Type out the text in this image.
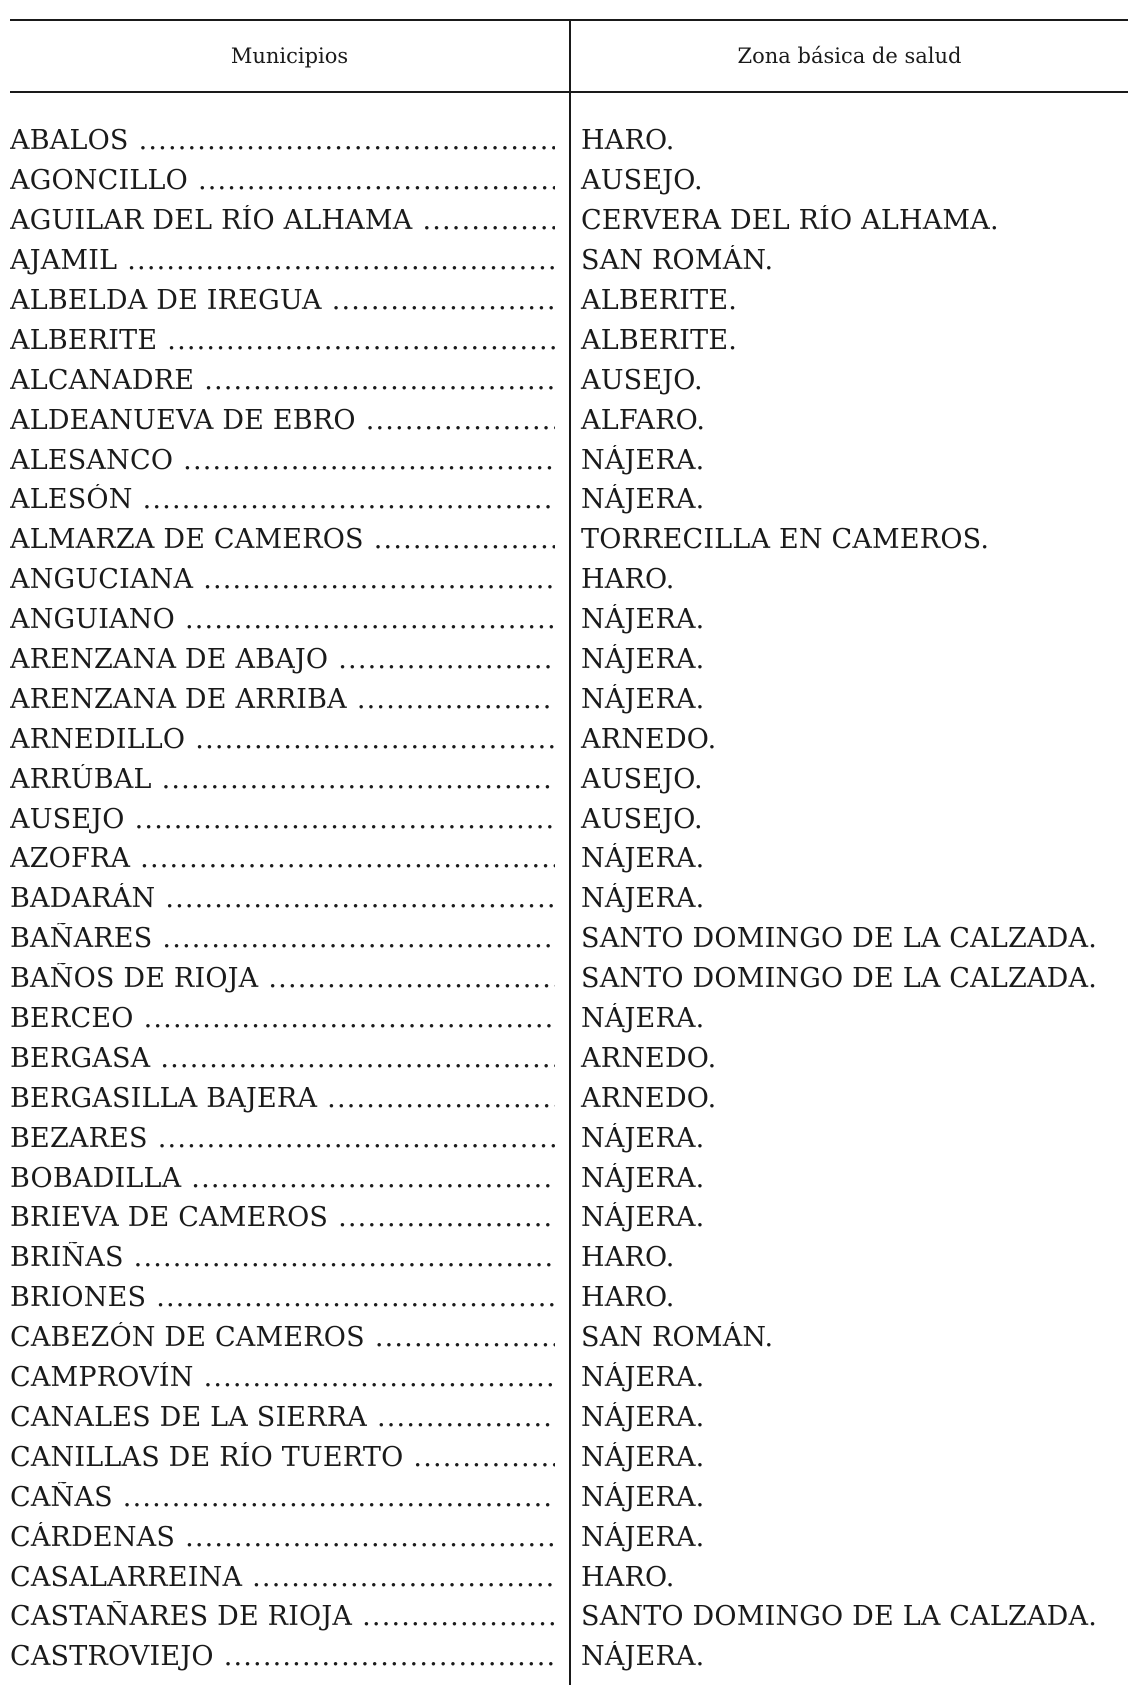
Municipios	Zona básica de salud
ABALOS .....	HARO.
AGONCILLO .....	AUSEJO.
AGUILAR DEL RÍO ALHAMA .....	CERVERA DEL RÍO ALHAMA.
AJAMIL .....	SAN ROMÁN.
ALBELDA DE IREGUA .....	ALBERITE.
ALBERITE .....	ALBERITE.
ALCANADRE .....	AUSEJO.
ALDEANUEVA DE EBRO .....	ALFARO.
ALESANCO .....	NÁJERA.
ALESÓN .....	NÁJERA.
ALMARZA DE CAMEROS .....	TORRECILLA EN CAMEROS.
ANGUCIANA .....	HARO.
ANGUIANO .....	NÁJERA.
ARENZANA DE ABAJO .....	NÁJERA.
ARENZANA DE ARRIBA .....	NÁJERA.
ARNEDILLO .....	ARNEDO.
ARRÚBAL .....	AUSEJO.
AUSEJO .....	AUSEJO.
AZOFRA .....	NÁJERA.
BADARÁN .....	NÁJERA.
BAÑARES .....	SANTO DOMINGO DE LA CALZADA.
BAÑOS DE RIOJA .....	SANTO DOMINGO DE LA CALZADA.
BERCEO .....	NÁJERA.
BERGASA .....	ARNEDO.
BERGASILLA BAJERA .....	ARNEDO.
BEZARES .....	NÁJERA.
BOBADILLA .....	NÁJERA.
BRIEVA DE CAMEROS .....	NÁJERA.
BRIÑAS .....	HARO.
BRIONES .....	HARO.
CABEZÓN DE CAMEROS .....	SAN ROMÁN.
CAMPROVÍN .....	NÁJERA.
CANALES DE LA SIERRA .....	NÁJERA.
CANILLAS DE RÍO TUERTO .....	NÁJERA.
CAÑAS .....	NÁJERA.
CÁRDENAS .....	NÁJERA.
CASALARREINA .....	HARO.
CASTAÑARES DE RIOJA .....	SANTO DOMINGO DE LA CALZADA.
CASTROVIEJO .....	NÁJERA.
